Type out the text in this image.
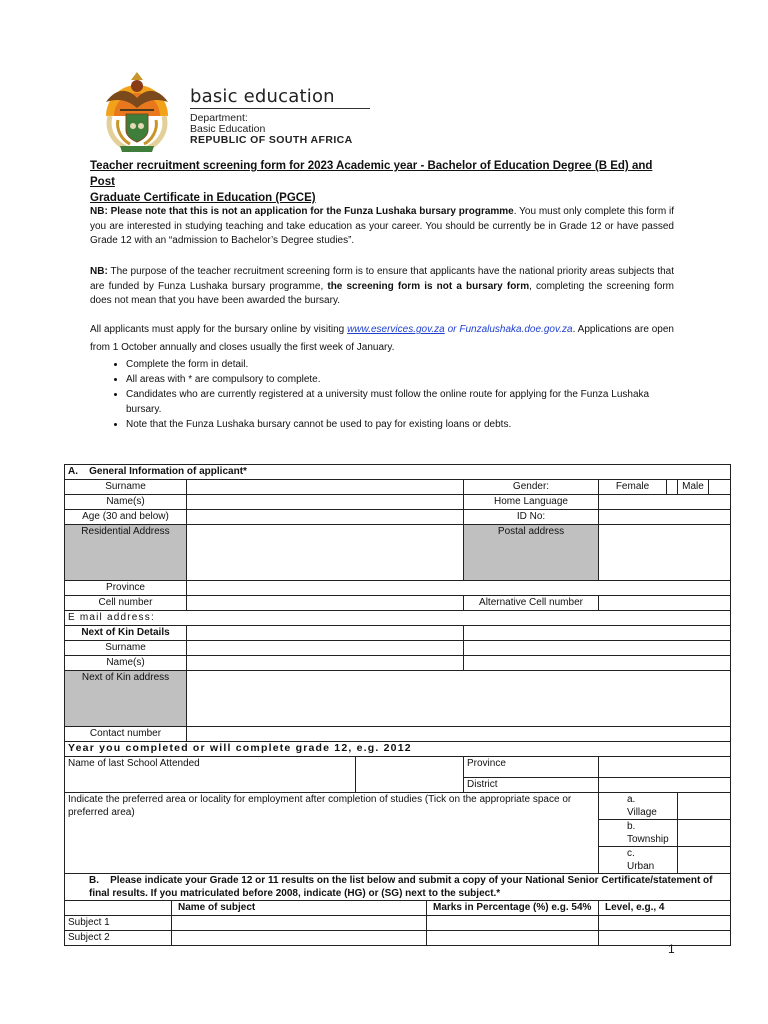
basic education
Department:
Basic Education
REPUBLIC OF SOUTH AFRICA
Teacher recruitment screening form for 2023 Academic year - Bachelor of Education Degree (B Ed) and Post
Graduate Certificate in Education (PGCE)
NB: Please note that this is not an application for the Funza Lushaka bursary programme. You must only complete this form if you are interested in studying teaching and take education as your career. You should be currently be in Grade 12 or have passed Grade 12 with an “admission to Bachelor’s Degree studies”.
NB: The purpose of the teacher recruitment screening form is to ensure that applicants have the national priority areas subjects that are funded by Funza Lushaka bursary programme, the screening form is not a bursary form, completing the screening form does not mean that you have been awarded the bursary.
All applicants must apply for the bursary online by visiting www.eservices.gov.za or Funzalushaka.doe.gov.za. Applications are open from 1 October annually and closes usually the first week of January.
• Complete the form in detail.
• All areas with * are compulsory to complete.
• Candidates who are currently registered at a university must follow the online route for applying for the Funza Lushaka bursary.
• Note that the Funza Lushaka bursary cannot be used to pay for existing loans or debts.
A.    General Information of applicant*									
Surname					Gender:	Female		Male	
Name(s)					Home Language				
Age (30 and below)					ID No:				
Residential Address					Postal address				
Province									
Cell number					Alternative Cell number				
E mail address:									
Next of Kin Details									
Surname									
Name(s)									
Next of Kin address									
Contact number									
Year you completed or will complete grade 12, e.g. 2012									
Name of last School Attended					Province				
					District				
Indicate the preferred area or locality for employment after completion of studies (Tick on the appropriate space or preferred area)						a.     Village			
						b.     Township			
						c.     Urban			
B.    Please indicate your Grade 12 or 11 results on the list below and submit a copy of your National Senior Certificate/statement of final results. If you matriculated before 2008, indicate (HG) or (SG) next to the subject.*									
	Name of subject			Marks in Percentage (%) e.g. 54%		Level, e.g., 4			
Subject 1									
Subject 2									
1
